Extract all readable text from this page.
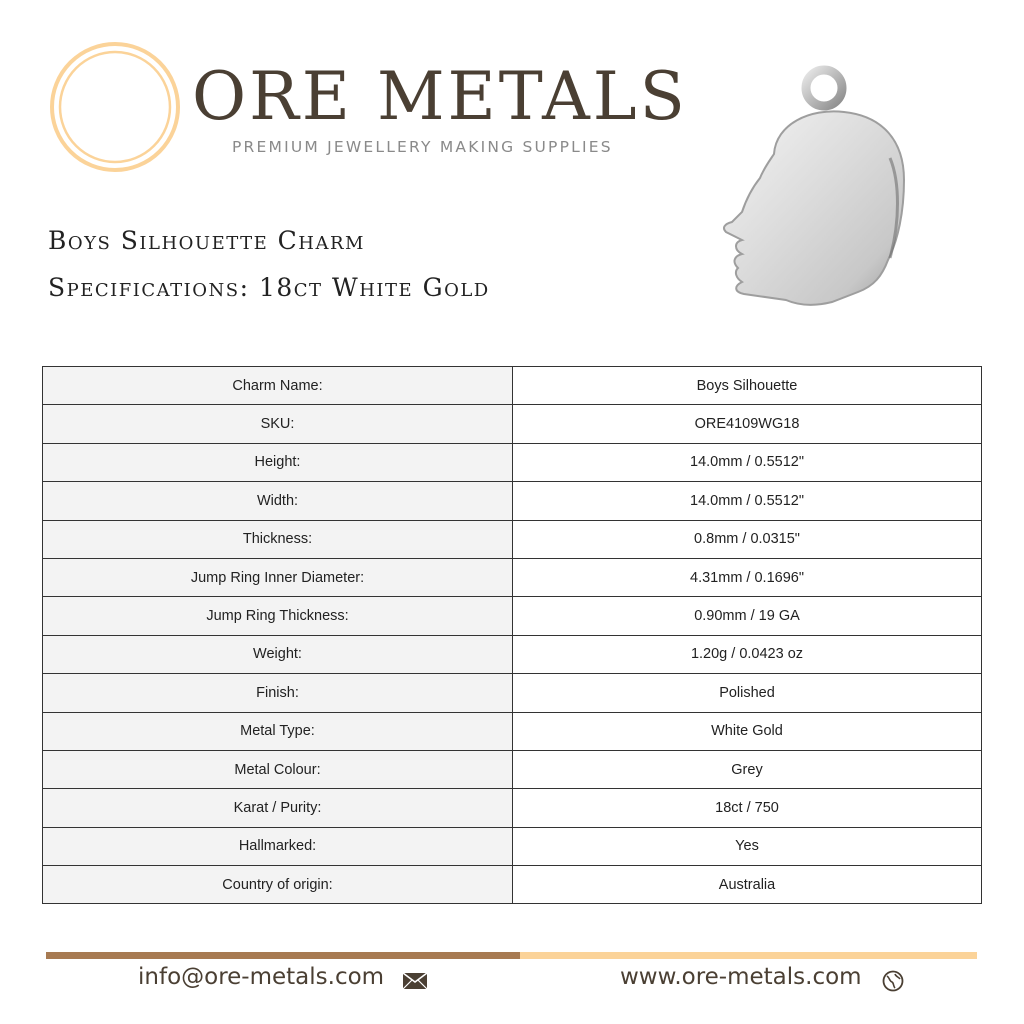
ORE METALS
PREMIUM JEWELLERY MAKING SUPPLIES
Boys Silhouette Charm
Specifications: 18ct White Gold
Charm Name:	Boys Silhouette
SKU:	ORE4109WG18
Height:	14.0mm / 0.5512"
Width:	14.0mm / 0.5512"
Thickness:	0.8mm / 0.0315"
Jump Ring Inner Diameter:	4.31mm / 0.1696"
Jump Ring Thickness:	0.90mm / 19 GA
Weight:	1.20g / 0.0423 oz
Finish:	Polished
Metal Type:	White Gold
Metal Colour:	Grey
Karat / Purity:	18ct / 750
Hallmarked:	Yes
Country of origin:	Australia
info@ore-metals.com	www.ore-metals.com
